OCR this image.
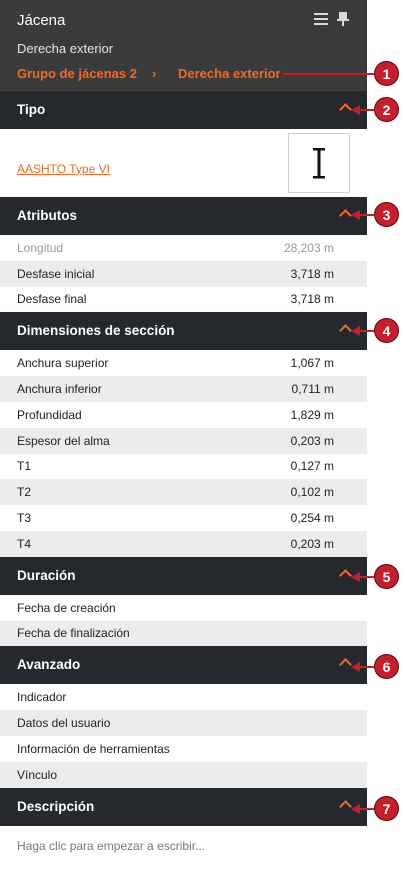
Jácena
Derecha exterior
Grupo de jácenas 2 › Derecha exterior
Tipo
AASHTO Type VI
Atributos
Longitud	28,203 m
Desfase inicial	3,718 m
Desfase final	3,718 m
Dimensiones de sección
Anchura superior	1,067 m
Anchura inferior	0,711 m
Profundidad	1,829 m
Espesor del alma	0,203 m
T1	0,127 m
T2	0,102 m
T3	0,254 m
T4	0,203 m
Duración
Fecha de creación
Fecha de finalización
Avanzado
Indicador
Datos del usuario
Información de herramientas
Vínculo
Descripción
Haga clic para empezar a escribir...
1
2
3
4
5
6
7
